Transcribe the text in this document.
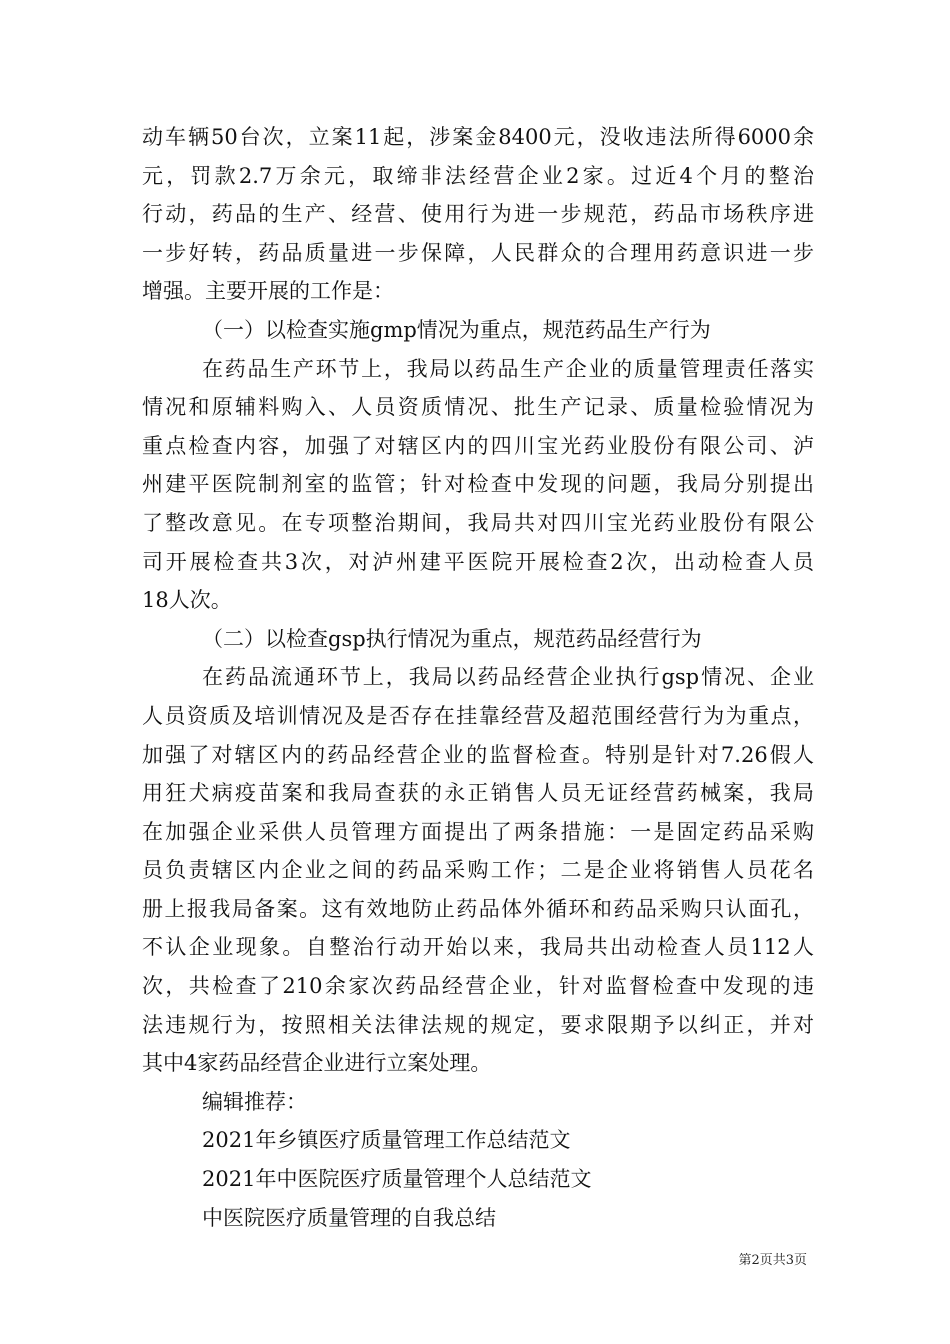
动车辆50台次，立案11起，涉案金8400元，没收违法所得6000余
元，罚款2.7万余元，取缔非法经营企业2家。过近4个月的整治
行动，药品的生产、经营、使用行为进一步规范，药品市场秩序进
一步好转，药品质量进一步保障，人民群众的合理用药意识进一步
增强。主要开展的工作是：
（一）以检查实施gmp情况为重点，规范药品生产行为
在药品生产环节上，我局以药品生产企业的质量管理责任落实
情况和原辅料购入、人员资质情况、批生产记录、质量检验情况为
重点检查内容，加强了对辖区内的四川宝光药业股份有限公司、泸
州建平医院制剂室的监管；针对检查中发现的问题，我局分别提出
了整改意见。在专项整治期间，我局共对四川宝光药业股份有限公
司开展检查共3次，对泸州建平医院开展检查2次，出动检查人员
18人次。
（二）以检查gsp执行情况为重点，规范药品经营行为
在药品流通环节上，我局以药品经营企业执行gsp情况、企业
人员资质及培训情况及是否存在挂靠经营及超范围经营行为为重点，
加强了对辖区内的药品经营企业的监督检查。特别是针对7.26假人
用狂犬病疫苗案和我局查获的永正销售人员无证经营药械案，我局
在加强企业采供人员管理方面提出了两条措施：一是固定药品采购
员负责辖区内企业之间的药品采购工作；二是企业将销售人员花名
册上报我局备案。这有效地防止药品体外循环和药品采购只认面孔，
不认企业现象。自整治行动开始以来，我局共出动检查人员112人
次，共检查了210余家次药品经营企业，针对监督检查中发现的违
法违规行为，按照相关法律法规的规定，要求限期予以纠正，并对
其中4家药品经营企业进行立案处理。
编辑推荐：
2021年乡镇医疗质量管理工作总结范文
2021年中医院医疗质量管理个人总结范文
中医院医疗质量管理的自我总结
第2页共3页
